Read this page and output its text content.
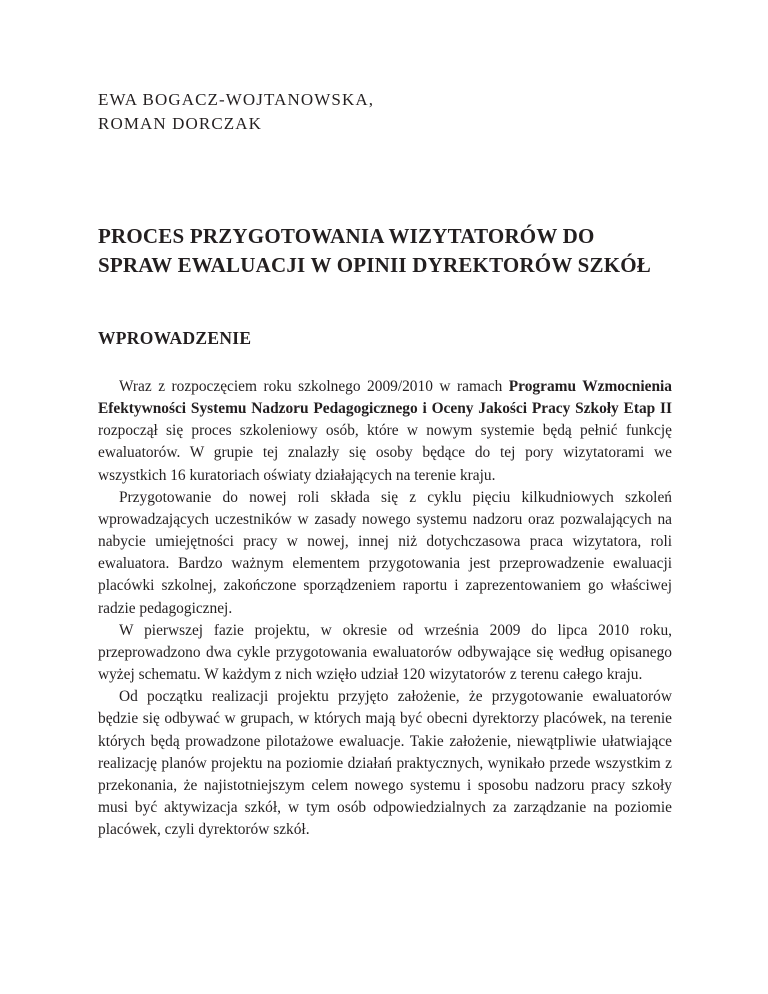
EWA BOGACZ-WOJTANOWSKA,
ROMAN DORCZAK
PROCES PRZYGOTOWANIA WIZYTATORÓW DO
SPRAW EWALUACJI W OPINII DYREKTORÓW SZKÓŁ
WPROWADZENIE

Wraz z rozpoczęciem roku szkolnego 2009/2010 w ramach Programu Wzmocnienia Efektywności Systemu Nadzoru Pedagogicznego i Oceny Jakości Pracy Szkoły Etap II rozpoczął się proces szkoleniowy osób, które w nowym systemie będą pełnić funkcję ewaluatorów. W grupie tej znalazły się osoby będące do tej pory wizytatorami we wszystkich 16 kuratoriach oświaty działających na terenie kraju.

Przygotowanie do nowej roli składa się z cyklu pięciu kilkudniowych szkoleń wprowadzających uczestników w zasady nowego systemu nadzoru oraz pozwalających na nabycie umiejętności pracy w nowej, innej niż dotychczasowa praca wizytatora, roli ewaluatora. Bardzo ważnym elementem przygotowania jest przeprowadzenie ewaluacji placówki szkolnej, zakończone sporządzeniem raportu i zaprezentowaniem go właściwej radzie pedagogicznej.

W pierwszej fazie projektu, w okresie od września 2009 do lipca 2010 roku, przeprowadzono dwa cykle przygotowania ewaluatorów odbywające się według opisanego wyżej schematu. W każdym z nich wzięło udział 120 wizytatorów z terenu całego kraju.

Od początku realizacji projektu przyjęto założenie, że przygotowanie ewaluatorów będzie się odbywać w grupach, w których mają być obecni dyrektorzy placówek, na terenie których będą prowadzone pilotażowe ewaluacje. Takie założenie, niewątpliwie ułatwiające realizację planów projektu na poziomie działań praktycznych, wynikało przede wszystkim z przekonania, że najistotniejszym celem nowego systemu i sposobu nadzoru pracy szkoły musi być aktywizacja szkół, w tym osób odpowiedzialnych za zarządzanie na poziomie placówek, czyli dyrektorów szkół.
